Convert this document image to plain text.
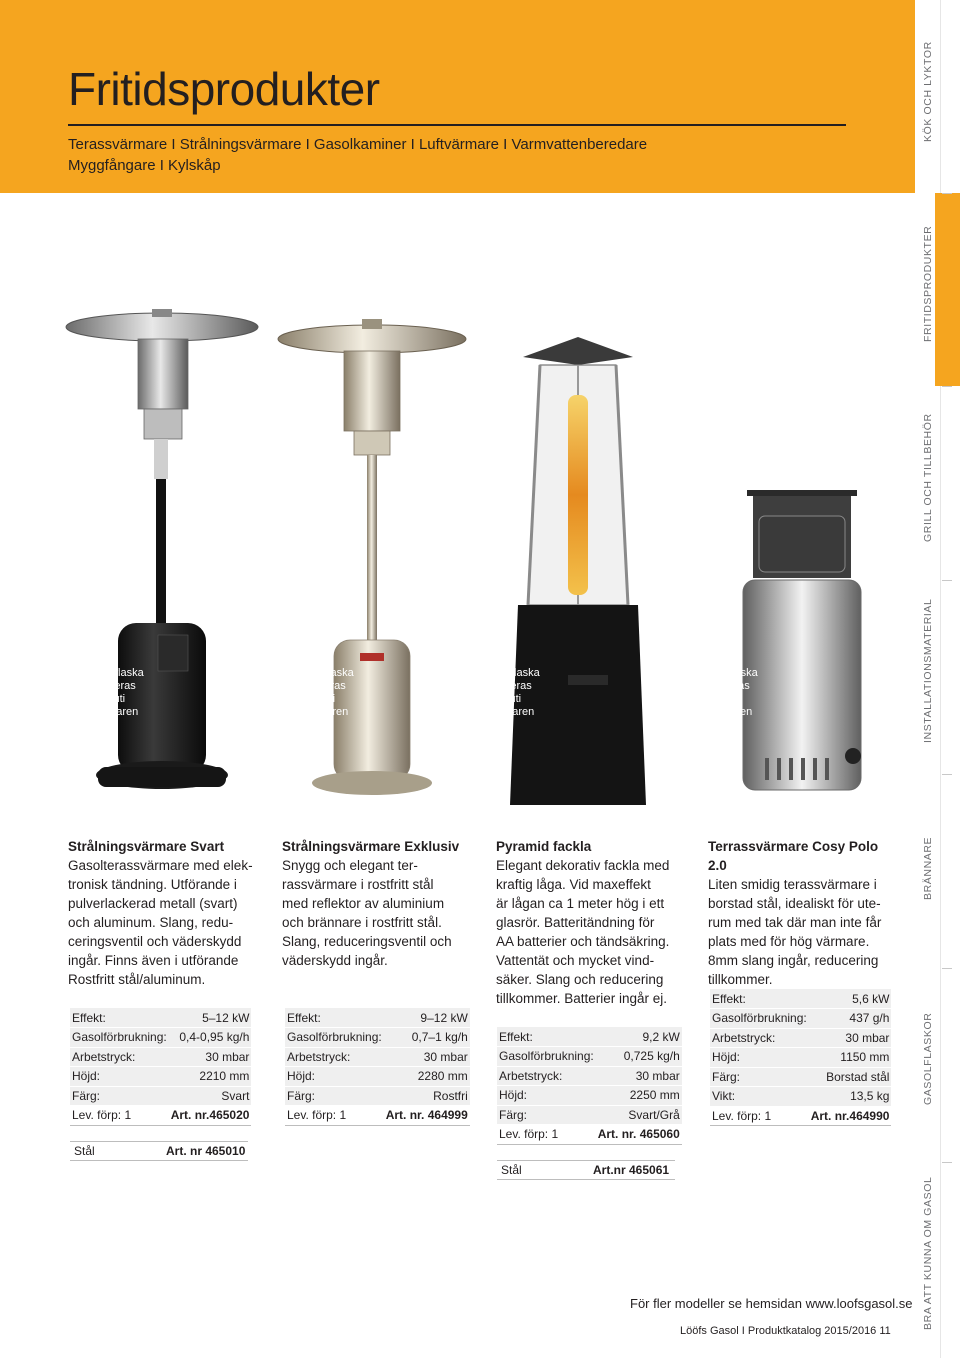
Fritidsprodukter
Terassvärmare I Strålningsvärmare I Gasolkaminer I Luftvärmare I Varmvattenberedare
Myggfångare I Kylskåp
KÖK OCH LYKTOR
FRITIDSPRODUKTER
GRILL OCH TILLBEHÖR
INSTALLATIONSMATERIAL
BRÄNNARE
GASOLFLASKOR
BRA ATT KUNNA OM GASOL
Gasolflaska
placeras
inuti
värmaren
Gasolflaska
placeras
inuti
värmaren
Gasolflaska
placeras
inuti
värmaren
Gasolflaska
placeras
inuti
värmaren
Strålningsvärmare Svart
Gasolterassvärmare med elek-
tronisk tändning. Utförande i
pulverlackerad metall (svart)
och aluminum. Slang, redu-
ceringsventil och väderskydd
ingår. Finns även i utförande
Rostfritt stål/aluminum.
Effekt:	5–12 kW
Gasolförbrukning:	0,4-0,95 kg/h
Arbetstryck:	30 mbar
Höjd:	2210 mm
Färg:	Svart
Lev. förp: 1	Art. nr.465020
Stål	Art. nr 465010
Strålningsvärmare Exklusiv
Snygg och elegant ter-
rassvärmare i rostfritt stål
med reflektor av aluminium
och brännare i rostfritt stål.
Slang, reduceringsventil och
väderskydd ingår.
Effekt:	9–12 kW
Gasolförbrukning:	0,7–1 kg/h
Arbetstryck:	30 mbar
Höjd:	2280 mm
Färg:	Rostfri
Lev. förp: 1	Art. nr. 464999
Pyramid fackla
Elegant dekorativ fackla med
kraftig låga. Vid maxeffekt
är lågan ca 1 meter hög i ett
glasrör. Batteritändning för
AA batterier och tändsäkring.
Vattentät och mycket vind-
säker. Slang och reducering
tillkommer. Batterier ingår ej.
Effekt:	9,2 kW
Gasolförbrukning:	0,725 kg/h
Arbetstryck:	30 mbar
Höjd:	2250 mm
Färg:	Svart/Grå
Lev. förp: 1	Art. nr. 465060
Stål	Art.nr 465061
Terrassvärmare Cosy Polo 2.0
Liten smidig terassvärmare i
borstad stål, idealiskt för ute-
rum med tak där man inte får
plats med för hög värmare.
8mm slang ingår, reducering
tillkommer.
Effekt:	5,6 kW
Gasolförbrukning:	437 g/h
Arbetstryck:	30 mbar
Höjd:	1150 mm
Färg:	Borstad stål
Vikt:	13,5 kg
Lev. förp: 1	Art. nr.464990
För fler modeller se hemsidan www.loofsgasol.se
Lööfs Gasol I Produktkatalog 2015/2016 11
